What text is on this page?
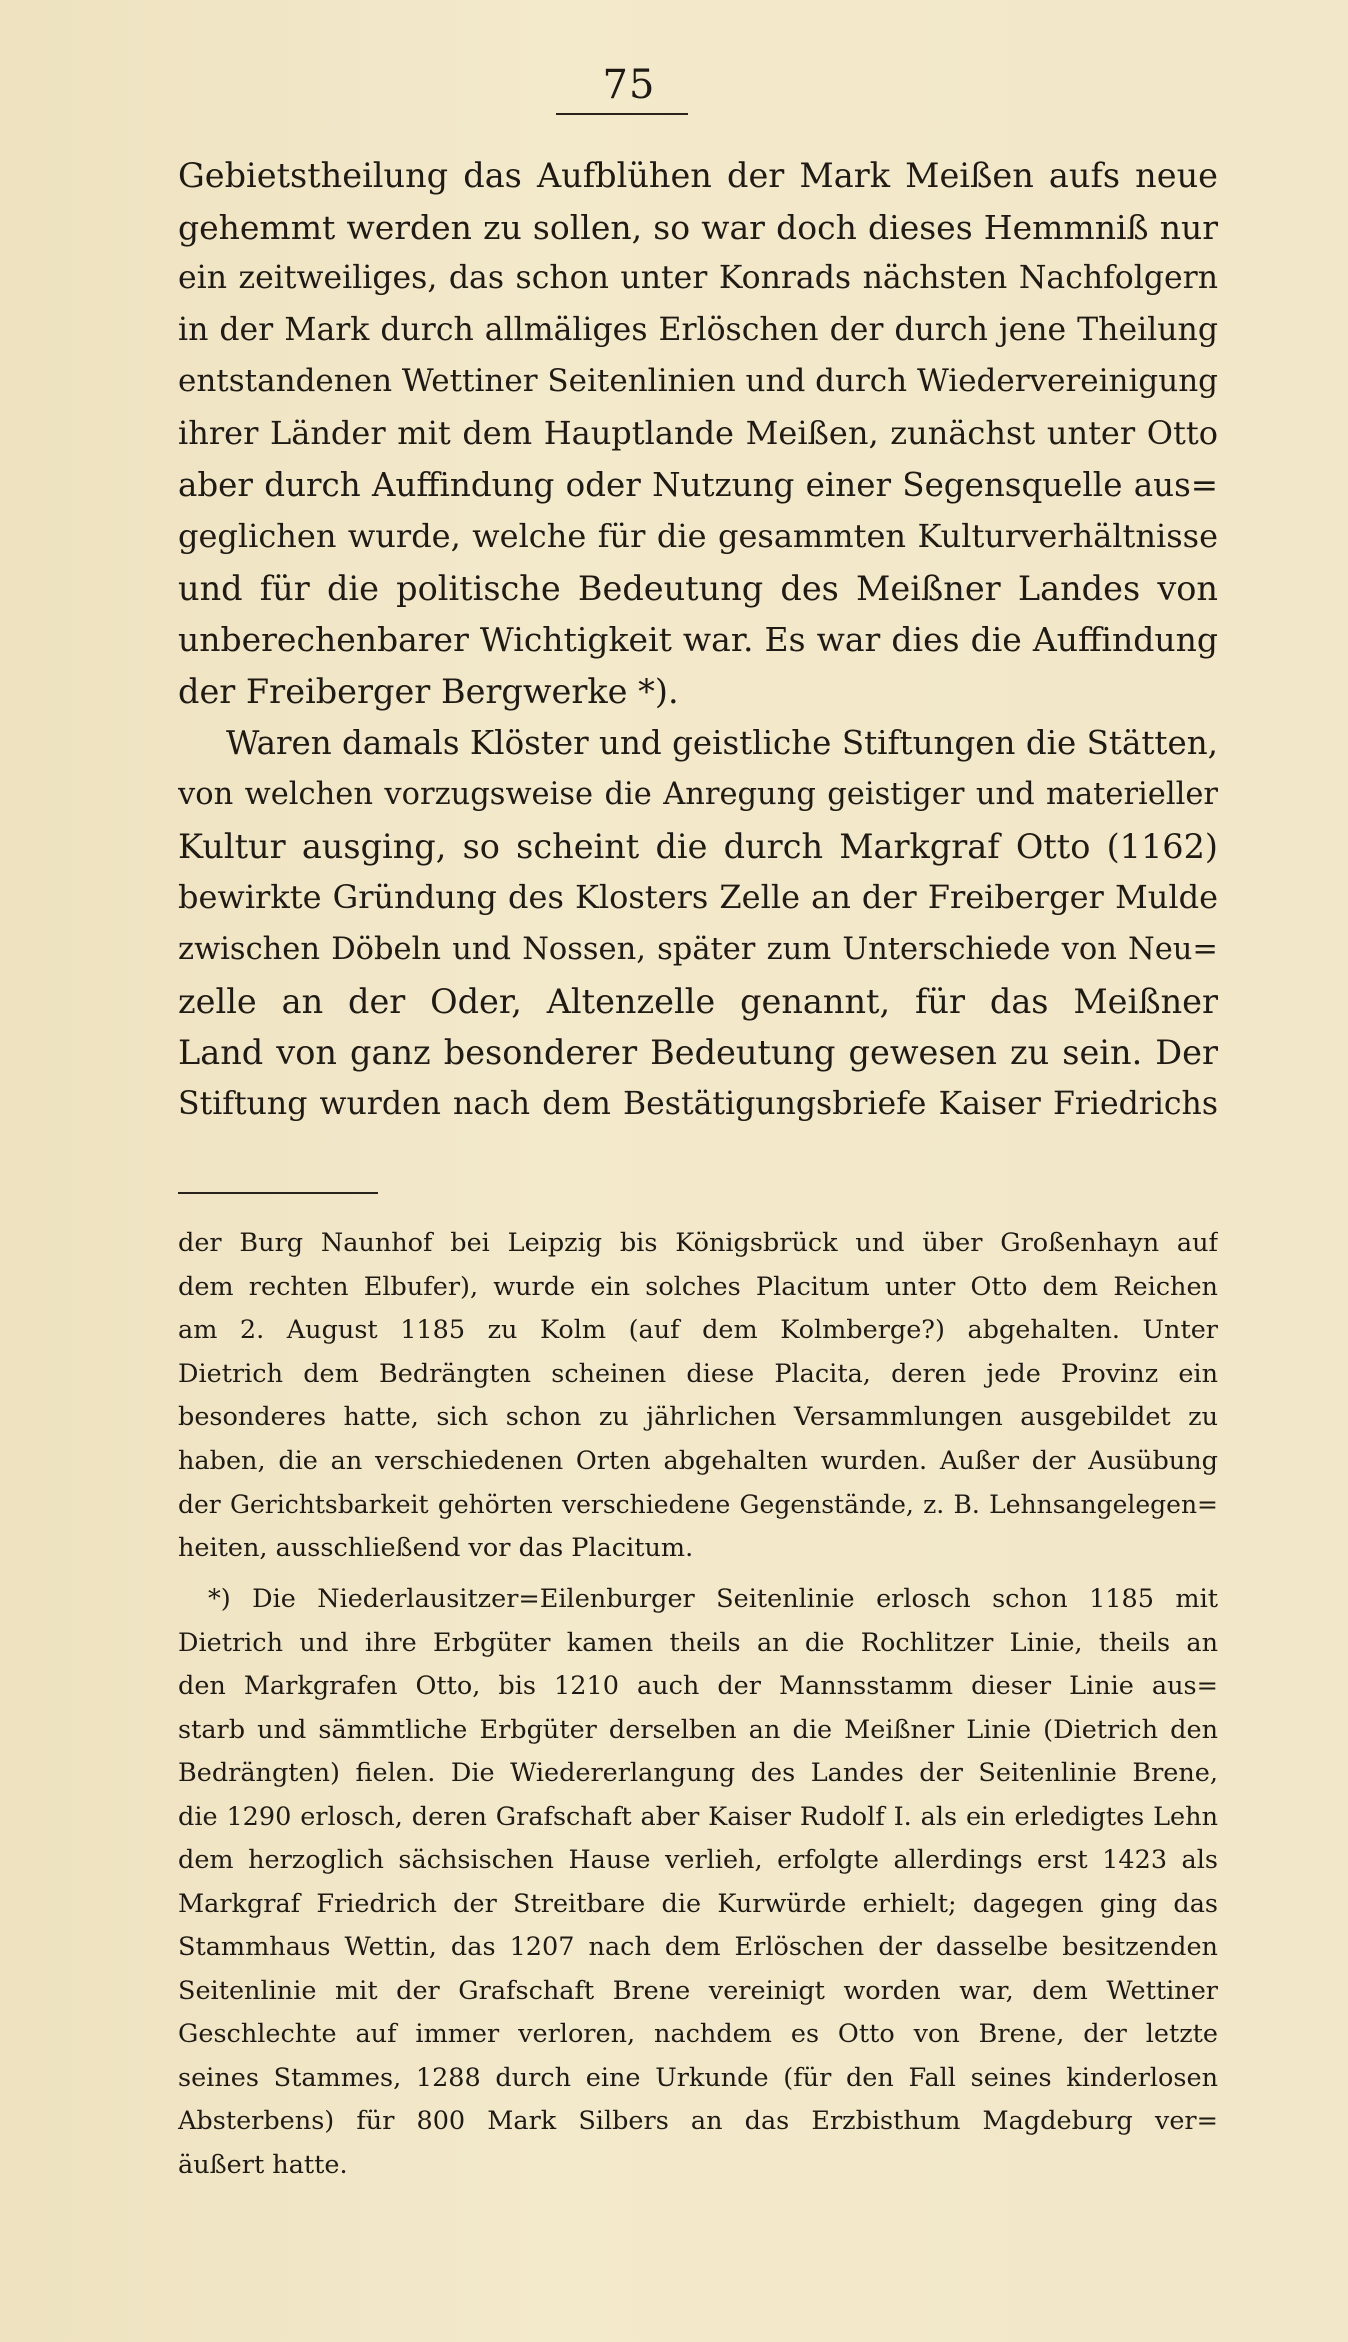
75
Gebietstheilung das Aufblühen der Mark Meißen aufs neue
gehemmt werden zu sollen, so war doch dieses Hemmniß nur
ein zeitweiliges, das schon unter Konrads nächsten Nachfolgern
in der Mark durch allmäliges Erlöschen der durch jene Theilung
entstandenen Wettiner Seitenlinien und durch Wiedervereinigung
ihrer Länder mit dem Hauptlande Meißen, zunächst unter Otto
aber durch Auffindung oder Nutzung einer Segensquelle aus=
geglichen wurde, welche für die gesammten Kulturverhältnisse
und für die politische Bedeutung des Meißner Landes von
unberechenbarer Wichtigkeit war. Es war dies die Auffindung
der Freiberger Bergwerke *).
Waren damals Klöster und geistliche Stiftungen die Stätten,
von welchen vorzugsweise die Anregung geistiger und materieller
Kultur ausging, so scheint die durch Markgraf Otto (1162)
bewirkte Gründung des Klosters Zelle an der Freiberger Mulde
zwischen Döbeln und Nossen, später zum Unterschiede von Neu=
zelle an der Oder, Altenzelle genannt, für das Meißner
Land von ganz besonderer Bedeutung gewesen zu sein. Der
Stiftung wurden nach dem Bestätigungsbriefe Kaiser Friedrichs
der Burg Naunhof bei Leipzig bis Königsbrück und über Großenhayn auf
dem rechten Elbufer), wurde ein solches Placitum unter Otto dem Reichen
am 2. August 1185 zu Kolm (auf dem Kolmberge?) abgehalten. Unter
Dietrich dem Bedrängten scheinen diese Placita, deren jede Provinz ein
besonderes hatte, sich schon zu jährlichen Versammlungen ausgebildet zu
haben, die an verschiedenen Orten abgehalten wurden. Außer der Ausübung
der Gerichtsbarkeit gehörten verschiedene Gegenstände, z. B. Lehnsangelegen=
heiten, ausschließend vor das Placitum.
*) Die Niederlausitzer=Eilenburger Seitenlinie erlosch schon 1185 mit
Dietrich und ihre Erbgüter kamen theils an die Rochlitzer Linie, theils an
den Markgrafen Otto, bis 1210 auch der Mannsstamm dieser Linie aus=
starb und sämmtliche Erbgüter derselben an die Meißner Linie (Dietrich den
Bedrängten) fielen. Die Wiedererlangung des Landes der Seitenlinie Brene,
die 1290 erlosch, deren Grafschaft aber Kaiser Rudolf I. als ein erledigtes Lehn
dem herzoglich sächsischen Hause verlieh, erfolgte allerdings erst 1423 als
Markgraf Friedrich der Streitbare die Kurwürde erhielt; dagegen ging das
Stammhaus Wettin, das 1207 nach dem Erlöschen der dasselbe besitzenden
Seitenlinie mit der Grafschaft Brene vereinigt worden war, dem Wettiner
Geschlechte auf immer verloren, nachdem es Otto von Brene, der letzte
seines Stammes, 1288 durch eine Urkunde (für den Fall seines kinderlosen
Absterbens) für 800 Mark Silbers an das Erzbisthum Magdeburg ver=
äußert hatte.
